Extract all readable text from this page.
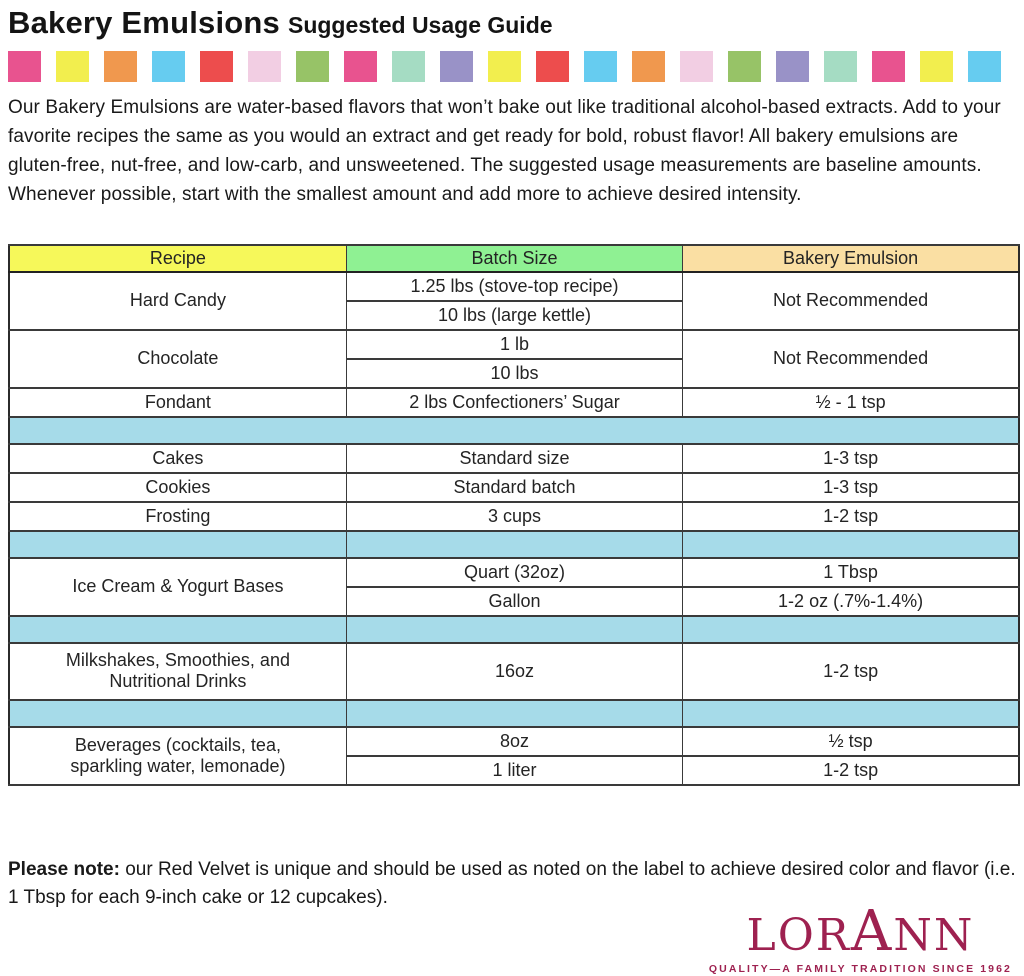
Bakery Emulsions Suggested Usage Guide

Our Bakery Emulsions are water-based flavors that won’t bake out like traditional alcohol-based extracts. Add to your favorite recipes the same as you would an extract and get ready for bold, robust flavor! All bakery emulsions are gluten-free, nut-free, and low-carb, and unsweetened. The suggested usage measurements are baseline amounts. Whenever possible, start with the smallest amount and add more to achieve desired intensity.

Recipe	Batch Size	Bakery Emulsion
Hard Candy	1.25 lbs (stove-top recipe)	Not Recommended
	10 lbs (large kettle)	
Chocolate	1 lb	Not Recommended
	10 lbs	
Fondant	2 lbs Confectioners’ Sugar	½ - 1 tsp

Cakes	Standard size	1-3 tsp
Cookies	Standard batch	1-3 tsp
Frosting	3 cups	1-2 tsp

Ice Cream & Yogurt Bases	Quart (32oz)	1 Tbsp
	Gallon	1-2 oz (.7%-1.4%)

Milkshakes, Smoothies, and Nutritional Drinks	16oz	1-2 tsp

Beverages (cocktails, tea, sparkling water, lemonade)	8oz	½ tsp
	1 liter	1-2 tsp

Please note: our Red Velvet is unique and should be used as noted on the label to achieve desired color and flavor (i.e. 1 Tbsp for each 9-inch cake or 12 cupcakes).

LORANN
QUALITY—A FAMILY TRADITION SINCE 1962
